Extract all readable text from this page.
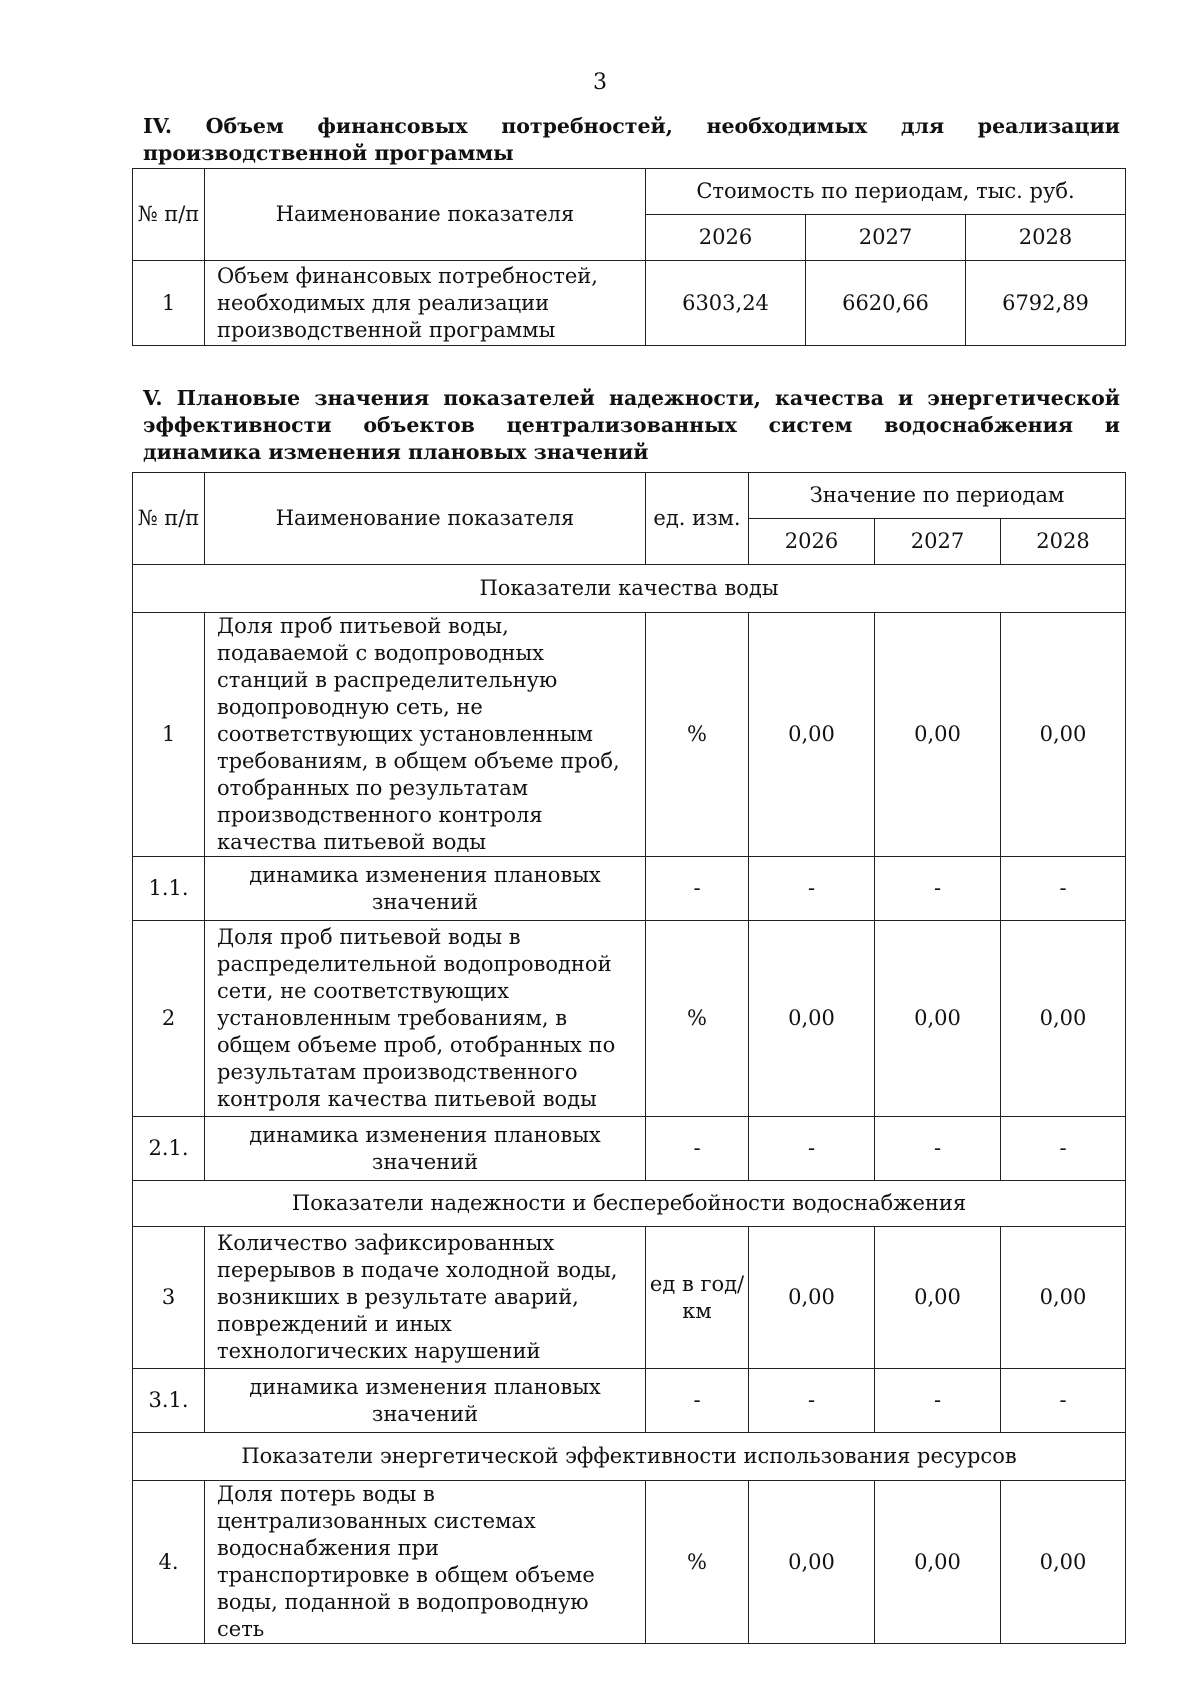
3
IV. Объем финансовых потребностей, необходимых для реализации производственной программы
№ п/п	Наименование показателя	Стоимость по периодам, тыс. руб.		
		2026	2027	2028
1	Объем финансовых потребностей, необходимых для реализации производственной программы	6303,24	6620,66	6792,89
V. Плановые значения показателей надежности, качества и энергетической эффективности объектов централизованных систем водоснабжения и динамика изменения плановых значений
№ п/п	Наименование показателя	ед. изм.	Значение по периодам		
			2026	2027	2028
Показатели качества воды					
1	Доля проб питьевой воды, подаваемой с водопроводных станций в распределительную водопроводную сеть, не соответствующих установленным требованиям, в общем объеме проб, отобранных по результатам производственного контроля качества питьевой воды	%	0,00	0,00	0,00
1.1.	динамика изменения плановых значений	-	-	-	-
2	Доля проб питьевой воды в распределительной водопроводной сети, не соответствующих установленным требованиям, в общем объеме проб, отобранных по результатам производственного контроля качества питьевой воды	%	0,00	0,00	0,00
2.1.	динамика изменения плановых значений	-	-	-	-
Показатели надежности и бесперебойности водоснабжения					
3	Количество зафиксированных перерывов в подаче холодной воды, возникших в результате аварий, повреждений и иных технологических нарушений	ед в год/ км	0,00	0,00	0,00
3.1.	динамика изменения плановых значений	-	-	-	-
Показатели энергетической эффективности использования ресурсов					
4.	Доля потерь воды в централизованных системах водоснабжения при транспортировке в общем объеме воды, поданной в водопроводную сеть	%	0,00	0,00	0,00
